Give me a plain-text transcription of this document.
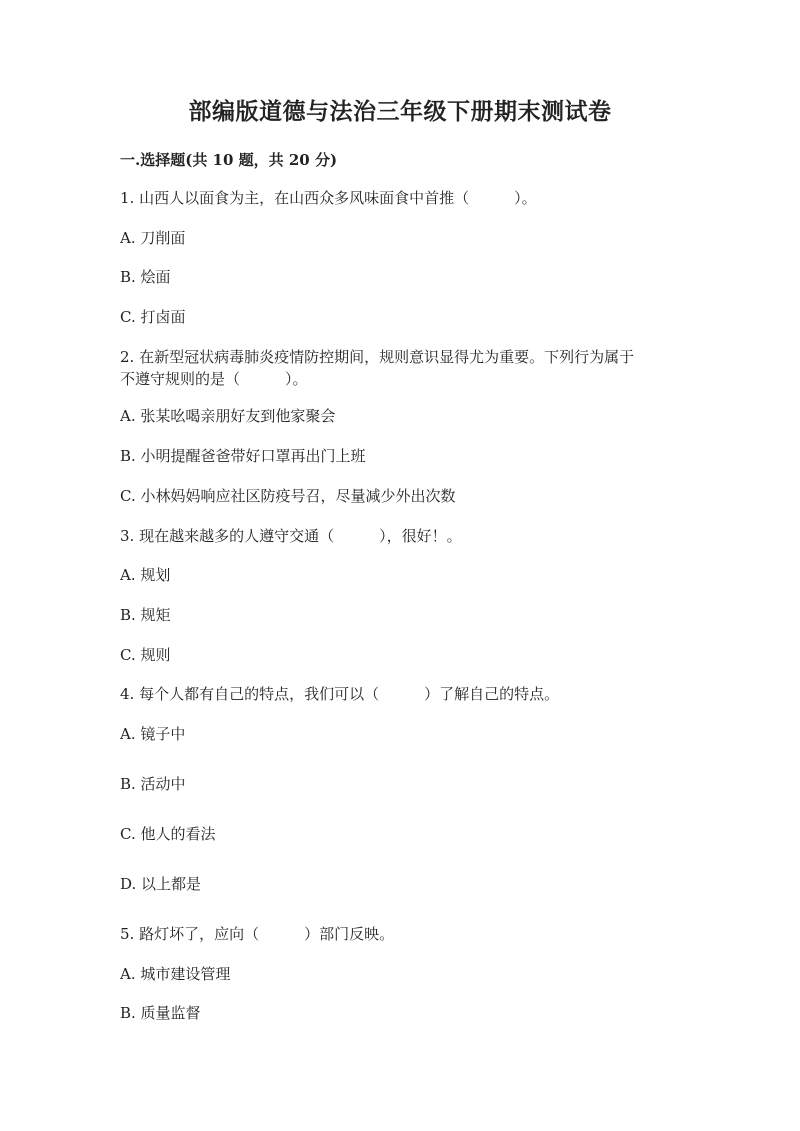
部编版道德与法治三年级下册期末测试卷
一.选择题(共 10 题，共 20 分)
1. 山西人以面食为主，在山西众多风味面食中首推（　　　）。
A. 刀削面
B. 烩面
C. 打卤面
2. 在新型冠状病毒肺炎疫情防控期间，规则意识显得尤为重要。下列行为属于
不遵守规则的是（　　　）。
A. 张某吆喝亲朋好友到他家聚会
B. 小明提醒爸爸带好口罩再出门上班
C. 小林妈妈响应社区防疫号召，尽量减少外出次数
3. 现在越来越多的人遵守交通（　　　），很好！。
A. 规划
B. 规矩
C. 规则
4. 每个人都有自己的特点，我们可以（　　　）了解自己的特点。
A. 镜子中
B. 活动中
C. 他人的看法
D. 以上都是
5. 路灯坏了，应向（　　　）部门反映。
A. 城市建设管理
B. 质量监督
